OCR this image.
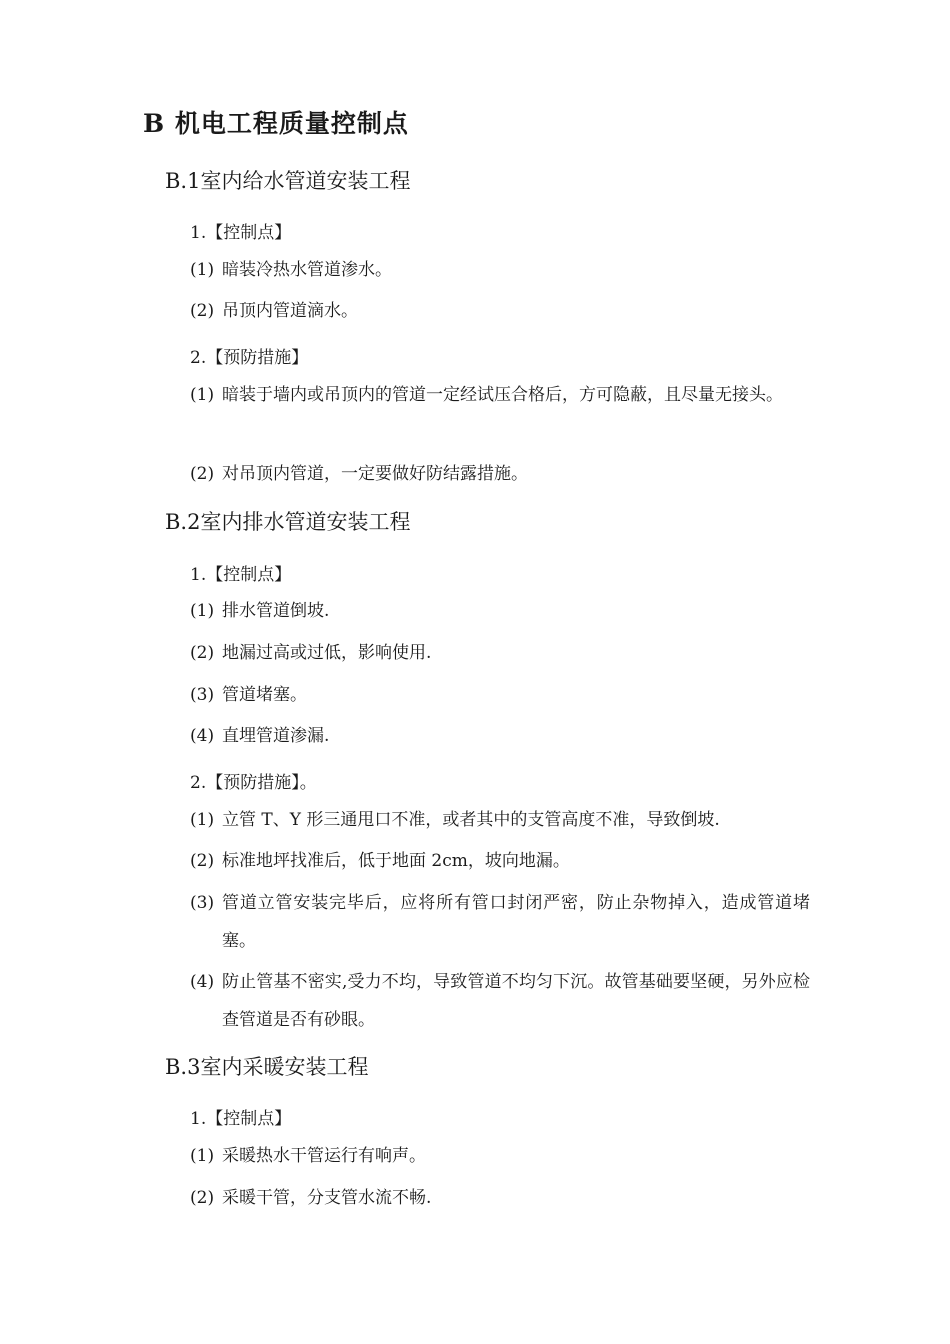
B 机电工程质量控制点
B.1室内给水管道安装工程
1.【控制点】
(1) 暗装冷热水管道渗水。
(2) 吊顶内管道滴水。
2.【预防措施】
(1) 暗装于墙内或吊顶内的管道一定经试压合格后，方可隐蔽，且尽量无接头。
(2) 对吊顶内管道，一定要做好防结露措施。
B.2室内排水管道安装工程
1.【控制点】
(1) 排水管道倒坡.
(2) 地漏过高或过低，影响使用.
(3) 管道堵塞。
(4) 直埋管道渗漏.
2.【预防措施】。
(1) 立管 T、Y 形三通甩口不准，或者其中的支管高度不准，导致倒坡.
(2) 标准地坪找准后，低于地面 2cm，坡向地漏。
(3) 管道立管安装完毕后，应将所有管口封闭严密，防止杂物掉入，造成管道堵塞。
(4) 防止管基不密实,受力不均，导致管道不均匀下沉。故管基础要坚硬，另外应检查管道是否有砂眼。
B.3室内采暖安装工程
1.【控制点】
(1) 采暖热水干管运行有响声。
(2) 采暖干管，分支管水流不畅.
